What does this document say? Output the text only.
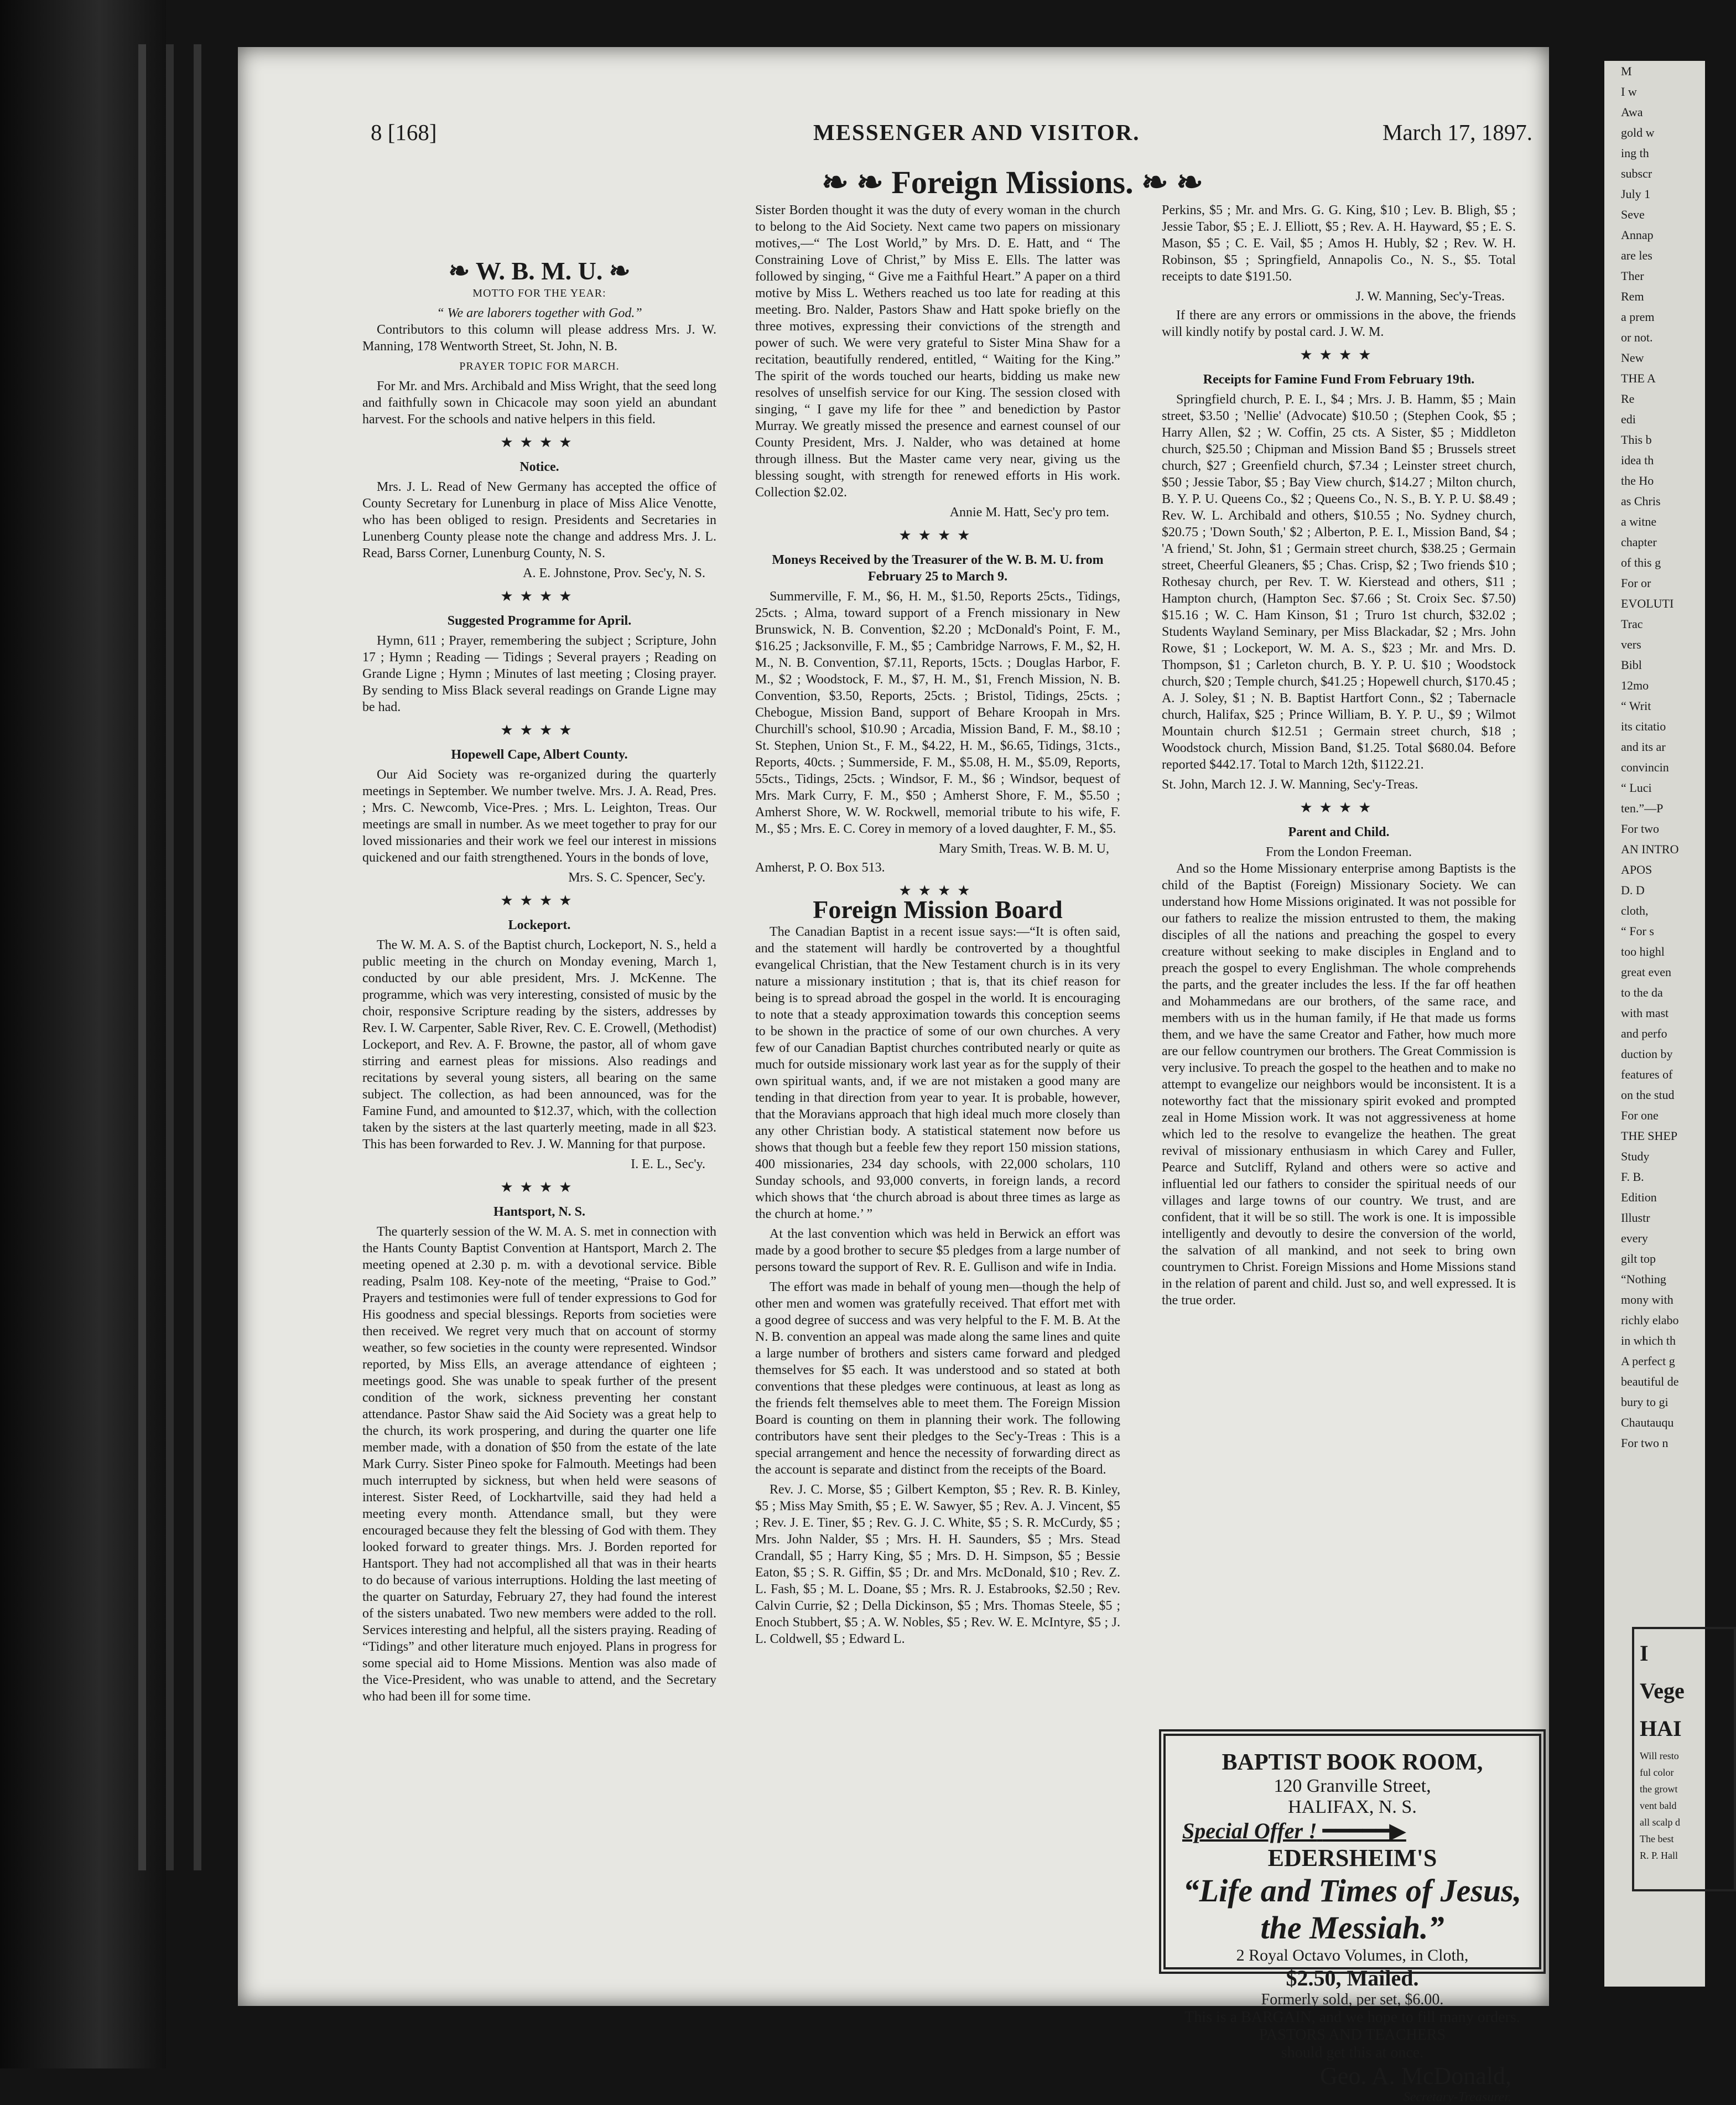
8 [168]	MESSENGER AND VISITOR.	March 17, 1897.
❧ ❧ Foreign Missions. ❧ ❧
❧ W. B. M. U. ❧
MOTTO FOR THE YEAR:
“ We are laborers together with God.”

Contributors to this column will please address Mrs. J. W. Manning, 178 Wentworth Street, St. John, N. B.

PRAYER TOPIC FOR MARCH.

For Mr. and Mrs. Archibald and Miss Wright, that the seed long and faithfully sown in Chicacole may soon yield an abundant harvest. For the schools and native helpers in this field.

★★★★
Notice.

Mrs. J. L. Read of New Germany has accepted the office of County Secretary for Lunenburg in place of Miss Alice Venotte, who has been obliged to resign. Presidents and Secretaries in Lunenberg County please note the change and address Mrs. J. L. Read, Barss Corner, Lunenburg County, N. S.

A. E. Johnstone, Prov. Sec'y, N. S.

★★★★
Suggested Programme for April.

Hymn, 611 ; Prayer, remembering the subject ; Scripture, John 17 ; Hymn ; Reading — Tidings ; Several prayers ; Reading on Grande Ligne ; Hymn ; Minutes of last meeting ; Closing prayer. By sending to Miss Black several readings on Grande Ligne may be had.

★★★★
Hopewell Cape, Albert County.

Our Aid Society was re-organized during the quarterly meetings in September. We number twelve. Mrs. J. A. Read, Pres. ; Mrs. C. Newcomb, Vice-Pres. ; Mrs. L. Leighton, Treas. Our meetings are small in number. As we meet together to pray for our loved missionaries and their work we feel our interest in missions quickened and our faith strengthened. Yours in the bonds of love,

Mrs. S. C. Spencer, Sec'y.

★★★★
Lockeport.

The W. M. A. S. of the Baptist church, Lockeport, N. S., held a public meeting in the church on Monday evening, March 1, conducted by our able president, Mrs. J. McKenne. The programme, which was very interesting, consisted of music by the choir, responsive Scripture reading by the sisters, addresses by Rev. I. W. Carpenter, Sable River, Rev. C. E. Crowell, (Methodist) Lockeport, and Rev. A. F. Browne, the pastor, all of whom gave stirring and earnest pleas for missions. Also readings and recitations by several young sisters, all bearing on the same subject. The collection, as had been announced, was for the Famine Fund, and amounted to $12.37, which, with the collection taken by the sisters at the last quarterly meeting, made in all $23. This has been forwarded to Rev. J. W. Manning for that purpose.

I. E. L., Sec'y.

★★★★
Hantsport, N. S.

The quarterly session of the W. M. A. S. met in connection with the Hants County Baptist Convention at Hantsport, March 2. The meeting opened at 2.30 p. m. with a devotional service. Bible reading, Psalm 108. Key-note of the meeting, “Praise to God.” Prayers and testimonies were full of tender expressions to God for His goodness and special blessings. Reports from societies were then received. We regret very much that on account of stormy weather, so few societies in the county were represented. Windsor reported, by Miss Ells, an average attendance of eighteen ; meetings good. She was unable to speak further of the present condition of the work, sickness preventing her constant attendance. Pastor Shaw said the Aid Society was a great help to the church, its work prospering, and during the quarter one life member made, with a donation of $50 from the estate of the late Mark Curry. Sister Pineo spoke for Falmouth. Meetings had been much interrupted by sickness, but when held were seasons of interest. Sister Reed, of Lockhartville, said they had held a meeting every month. Attendance small, but they were encouraged because they felt the blessing of God with them. They looked forward to greater things. Mrs. J. Borden reported for Hantsport. They had not accomplished all that was in their hearts to do because of various interruptions. Holding the last meeting of the quarter on Saturday, February 27, they had found the interest of the sisters unabated. Two new members were added to the roll. Services interesting and helpful, all the sisters praying. Reading of “Tidings” and other literature much enjoyed. Plans in progress for some special aid to Home Missions. Mention was also made of the Vice-President, who was unable to attend, and the Secretary who had been ill for some time.

Sister Borden thought it was the duty of every woman in the church to belong to the Aid Society. Next came two papers on missionary motives,—“ The Lost World,” by Mrs. D. E. Hatt, and “ The Constraining Love of Christ,” by Miss E. Ells. The latter was followed by singing, “ Give me a Faithful Heart.” A paper on a third motive by Miss L. Wethers reached us too late for reading at this meeting. Bro. Nalder, Pastors Shaw and Hatt spoke briefly on the three motives, expressing their convictions of the strength and power of such. We were very grateful to Sister Mina Shaw for a recitation, beautifully rendered, entitled, “ Waiting for the King.” The spirit of the words touched our hearts, bidding us make new resolves of unselfish service for our King. The session closed with singing, “ I gave my life for thee ” and benediction by Pastor Murray. We greatly missed the presence and earnest counsel of our County President, Mrs. J. Nalder, who was detained at home through illness. But the Master came very near, giving us the blessing sought, with strength for renewed efforts in His work. Collection $2.02.

Annie M. Hatt, Sec'y pro tem.

★★★★
Moneys Received by the Treasurer of the W. B. M. U. from February 25 to March 9.

Summerville, F. M., $6, H. M., $1.50, Reports 25cts., Tidings, 25cts. ; Alma, toward support of a French missionary in New Brunswick, N. B. Convention, $2.20 ; McDonald's Point, F. M., $16.25 ; Jacksonville, F. M., $5 ; Cambridge Narrows, F. M., $2, H. M., N. B. Convention, $7.11, Reports, 15cts. ; Douglas Harbor, F. M., $2 ; Woodstock, F. M., $7, H. M., $1, French Mission, N. B. Convention, $3.50, Reports, 25cts. ; Bristol, Tidings, 25cts. ; Chebogue, Mission Band, support of Behare Kroopah in Mrs. Churchill's school, $10.90 ; Arcadia, Mission Band, F. M., $8.10 ; St. Stephen, Union St., F. M., $4.22, H. M., $6.65, Tidings, 31cts., Reports, 40cts. ; Summerside, F. M., $5.08, H. M., $5.09, Reports, 55cts., Tidings, 25cts. ; Windsor, F. M., $6 ; Windsor, bequest of Mrs. Mark Curry, F. M., $50 ; Amherst Shore, F. M., $5.50 ; Amherst Shore, W. W. Rockwell, memorial tribute to his wife, F. M., $5 ; Mrs. E. C. Corey in memory of a loved daughter, F. M., $5.

Mary Smith, Treas. W. B. M. U,

Amherst, P. O. Box 513.

★★★★
Foreign Mission Board

The Canadian Baptist in a recent issue says:—“It is often said, and the statement will hardly be controverted by a thoughtful evangelical Christian, that the New Testament church is in its very nature a missionary institution ; that is, that its chief reason for being is to spread abroad the gospel in the world. It is encouraging to note that a steady approximation towards this conception seems to be shown in the practice of some of our own churches. A very few of our Canadian Baptist churches contributed nearly or quite as much for outside missionary work last year as for the supply of their own spiritual wants, and, if we are not mistaken a good many are tending in that direction from year to year. It is probable, however, that the Moravians approach that high ideal much more closely than any other Christian body. A statistical statement now before us shows that though but a feeble few they report 150 mission stations, 400 missionaries, 234 day schools, with 22,000 scholars, 110 Sunday schools, and 93,000 converts, in foreign lands, a record which shows that ‘the church abroad is about three times as large as the church at home.’ ”

At the last convention which was held in Berwick an effort was made by a good brother to secure $5 pledges from a large number of persons toward the support of Rev. R. E. Gullison and wife in India.

The effort was made in behalf of young men—though the help of other men and women was gratefully received. That effort met with a good degree of success and was very helpful to the F. M. B. At the N. B. convention an appeal was made along the same lines and quite a large number of brothers and sisters came forward and pledged themselves for $5 each. It was understood and so stated at both conventions that these pledges were continuous, at least as long as the friends felt themselves able to meet them. The Foreign Mission Board is counting on them in planning their work. The following contributors have sent their pledges to the Sec'y-Treas : This is a special arrangement and hence the necessity of forwarding direct as the account is separate and distinct from the receipts of the Board.

Rev. J. C. Morse, $5 ; Gilbert Kempton, $5 ; Rev. R. B. Kinley, $5 ; Miss May Smith, $5 ; E. W. Sawyer, $5 ; Rev. A. J. Vincent, $5 ; Rev. J. E. Tiner, $5 ; Rev. G. J. C. White, $5 ; S. R. McCurdy, $5 ; Mrs. John Nalder, $5 ; Mrs. H. H. Saunders, $5 ; Mrs. Stead Crandall, $5 ; Harry King, $5 ; Mrs. D. H. Simpson, $5 ; Bessie Eaton, $5 ; S. R. Giffin, $5 ; Dr. and Mrs. McDonald, $10 ; Rev. Z. L. Fash, $5 ; M. L. Doane, $5 ; Mrs. R. J. Estabrooks, $2.50 ; Rev. Calvin Currie, $2 ; Della Dickinson, $5 ; Mrs. Thomas Steele, $5 ; Enoch Stubbert, $5 ; A. W. Nobles, $5 ; Rev. W. E. McIntyre, $5 ; J. L. Coldwell, $5 ; Edward L.

Perkins, $5 ; Mr. and Mrs. G. G. King, $10 ; Lev. B. Bligh, $5 ; Jessie Tabor, $5 ; E. J. Elliott, $5 ; Rev. A. H. Hayward, $5 ; E. S. Mason, $5 ; C. E. Vail, $5 ; Amos H. Hubly, $2 ; Rev. W. H. Robinson, $5 ; Springfield, Annapolis Co., N. S., $5. Total receipts to date $191.50.

J. W. Manning, Sec'y-Treas.

If there are any errors or ommissions in the above, the friends will kindly notify by postal card. J. W. M.

★★★★
Receipts for Famine Fund From February 19th.

Springfield church, P. E. I., $4 ; Mrs. J. B. Hamm, $5 ; Main street, $3.50 ; 'Nellie' (Advocate) $10.50 ; (Stephen Cook, $5 ; Harry Allen, $2 ; W. Coffin, 25 cts. A Sister, $5 ; Middleton church, $25.50 ; Chipman and Mission Band $5 ; Brussels street church, $27 ; Greenfield church, $7.34 ; Leinster street church, $50 ; Jessie Tabor, $5 ; Bay View church, $14.27 ; Milton church, B. Y. P. U. Queens Co., $2 ; Queens Co., N. S., B. Y. P. U. $8.49 ; Rev. W. L. Archibald and others, $10.55 ; No. Sydney church, $20.75 ; 'Down South,' $2 ; Alberton, P. E. I., Mission Band, $4 ; 'A friend,' St. John, $1 ; Germain street church, $38.25 ; Germain street, Cheerful Gleaners, $5 ; Chas. Crisp, $2 ; Two friends $10 ; Rothesay church, per Rev. T. W. Kierstead and others, $11 ; Hampton church, (Hampton Sec. $7.66 ; St. Croix Sec. $7.50) $15.16 ; W. C. Ham Kinson, $1 ; Truro 1st church, $32.02 ; Students Wayland Seminary, per Miss Blackadar, $2 ; Mrs. John Rowe, $1 ; Lockeport, W. M. A. S., $23 ; Mr. and Mrs. D. Thompson, $1 ; Carleton church, B. Y. P. U. $10 ; Woodstock church, $20 ; Temple church, $41.25 ; Hopewell church, $170.45 ; A. J. Soley, $1 ; N. B. Baptist Hartfort Conn., $2 ; Tabernacle church, Halifax, $25 ; Prince William, B. Y. P. U., $9 ; Wilmot Mountain church $12.51 ; Germain street church, $18 ; Woodstock church, Mission Band, $1.25. Total $680.04. Before reported $442.17. Total to March 12th, $1122.21.

St. John, March 12. J. W. Manning, Sec'y-Treas.

★★★★
Parent and Child.
From the London Freeman.

And so the Home Missionary enterprise among Baptists is the child of the Baptist (Foreign) Missionary Society. We can understand how Home Missions originated. It was not possible for our fathers to realize the mission entrusted to them, the making disciples of all the nations and preaching the gospel to every creature without seeking to make disciples in England and to preach the gospel to every Englishman. The whole comprehends the parts, and the greater includes the less. If the far off heathen and Mohammedans are our brothers, of the same race, and members with us in the human family, if He that made us forms them, and we have the same Creator and Father, how much more are our fellow countrymen our brothers. The Great Commission is very inclusive. To preach the gospel to the heathen and to make no attempt to evangelize our neighbors would be inconsistent. It is a noteworthy fact that the missionary spirit evoked and prompted zeal in Home Mission work. It was not aggressiveness at home which led to the resolve to evangelize the heathen. The great revival of missionary enthusiasm in which Carey and Fuller, Pearce and Sutcliff, Ryland and others were so active and influential led our fathers to consider the spiritual needs of our villages and large towns of our country. We trust, and are confident, that it will be so still. The work is one. It is impossible intelligently and devoutly to desire the conversion of the world, the salvation of all mankind, and not seek to bring own countrymen to Christ. Foreign Missions and Home Missions stand in the relation of parent and child. Just so, and well expressed. It is the true order.

BAPTIST BOOK ROOM,
120 Granville Street,
HALIFAX, N. S.
Special Offer ! ━━━━━▶
EDERSHEIM'S
“Life and Times of Jesus,
the Messiah.”
2 Royal Octavo Volumes, in Cloth,
$2.50, Mailed.
Formerly sold, per set, $6.00.
This is a BARGAIN, and we hope to fill many orders.
PASTORS AND TEACHERS
should get this at once.
Geo. A. McDonald,
Secretary-Treasurer.
M
I w
Awa
gold w
ing th
subscr
July 1
Seve
Annap
are les
Ther
Rem
a prem
or not.
New
THE A
Re
edi
This b
idea th
the Ho
as Chris
a witne
chapter
of this g
For or
EVOLUTI
Trac
vers
Bibl
12mo
“ Writ
its citatio
and its ar
convincin
“ Luci
ten.”—P
For two
AN INTRO
APOS
D. D
cloth,
“ For s
too highl
great even
to the da
with mast
and perfo
duction by
features of
on the stud
For one
THE SHEP
Study
F. B.
Edition
Illustr
every
gilt top
“Nothing
mony with
richly elabo
in which th
A perfect g
beautiful de
bury to gi
Chautauqu
For two n
I
Vege
HAI
Will resto
ful color
the growt
vent bald
all scalp d
The best
R. P. Hall
